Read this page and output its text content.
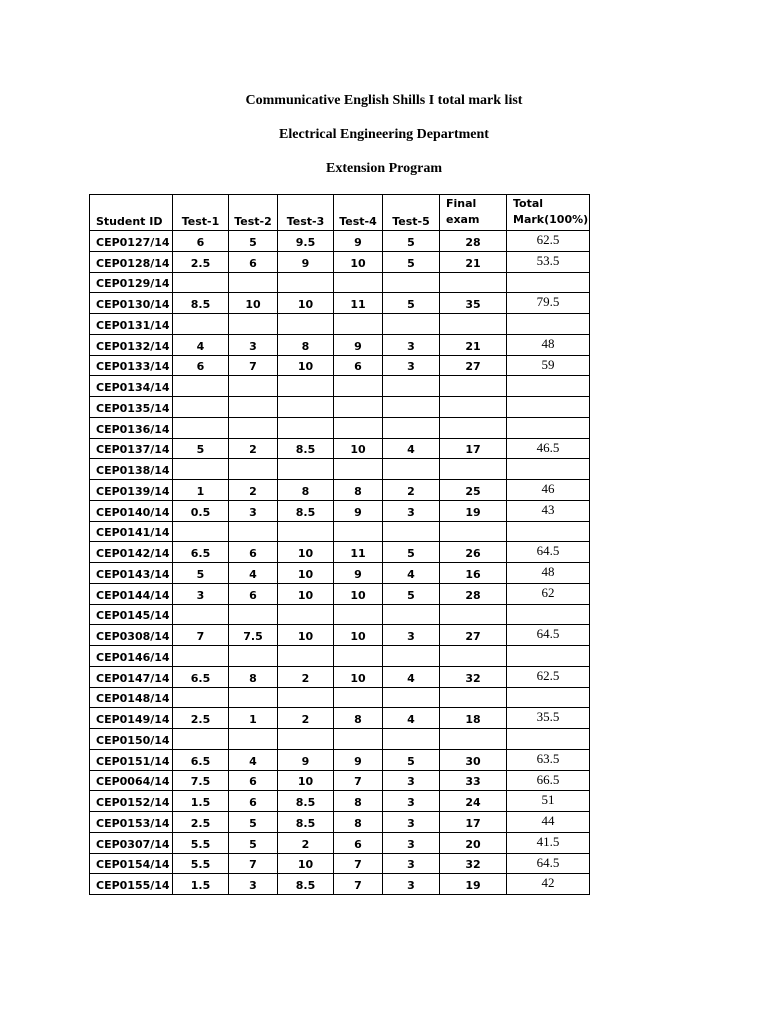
Communicative English Shills I total mark list
Electrical Engineering Department
Extension Program
Student ID	Test-1	Test-2	Test-3	Test-4	Test-5	Final exam	Total Mark(100%)
CEP0127/14	6	5	9.5	9	5	28	62.5
CEP0128/14	2.5	6	9	10	5	21	53.5
CEP0129/14							
CEP0130/14	8.5	10	10	11	5	35	79.5
CEP0131/14							
CEP0132/14	4	3	8	9	3	21	48
CEP0133/14	6	7	10	6	3	27	59
CEP0134/14							
CEP0135/14							
CEP0136/14							
CEP0137/14	5	2	8.5	10	4	17	46.5
CEP0138/14							
CEP0139/14	1	2	8	8	2	25	46
CEP0140/14	0.5	3	8.5	9	3	19	43
CEP0141/14							
CEP0142/14	6.5	6	10	11	5	26	64.5
CEP0143/14	5	4	10	9	4	16	48
CEP0144/14	3	6	10	10	5	28	62
CEP0145/14							
CEP0308/14	7	7.5	10	10	3	27	64.5
CEP0146/14							
CEP0147/14	6.5	8	2	10	4	32	62.5
CEP0148/14							
CEP0149/14	2.5	1	2	8	4	18	35.5
CEP0150/14							
CEP0151/14	6.5	4	9	9	5	30	63.5
CEP0064/14	7.5	6	10	7	3	33	66.5
CEP0152/14	1.5	6	8.5	8	3	24	51
CEP0153/14	2.5	5	8.5	8	3	17	44
CEP0307/14	5.5	5	2	6	3	20	41.5
CEP0154/14	5.5	7	10	7	3	32	64.5
CEP0155/14	1.5	3	8.5	7	3	19	42
